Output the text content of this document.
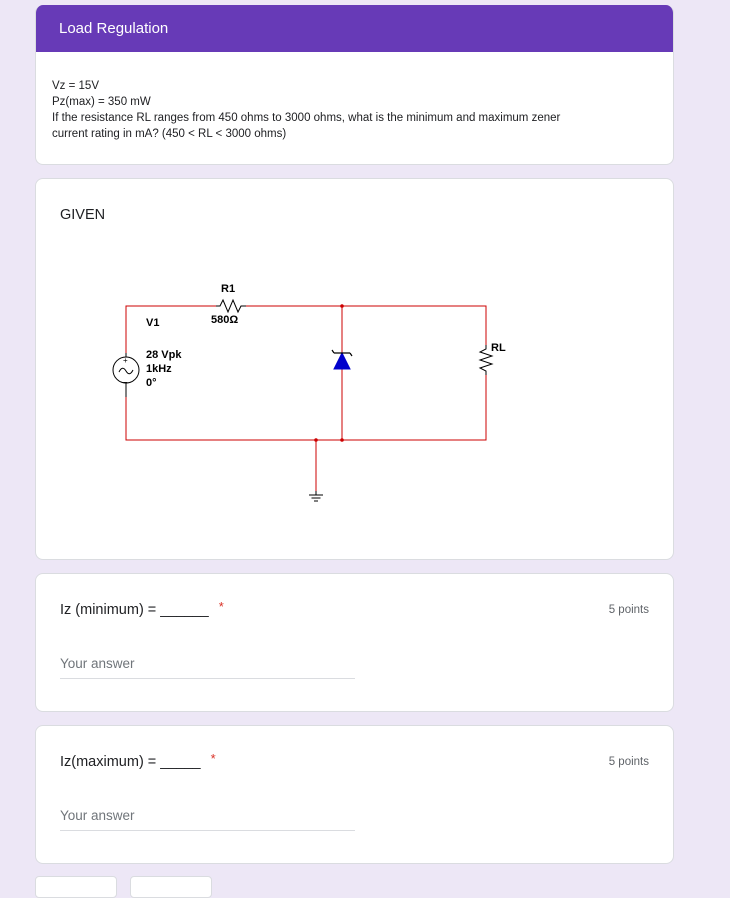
Load Regulation
Vz = 15V
Pz(max) = 350 mW
If the resistance RL ranges from 450 ohms to 3000 ohms, what is the minimum and maximum zener
current rating in mA? (450 < RL < 3000 ohms)
GIVEN
R1
580Ω
RL
+
−
V1
28 Vpk
1kHz
0°
Iz (minimum) = ______ *	5 points
Your answer
Iz(maximum) = _____ *	5 points
Your answer
